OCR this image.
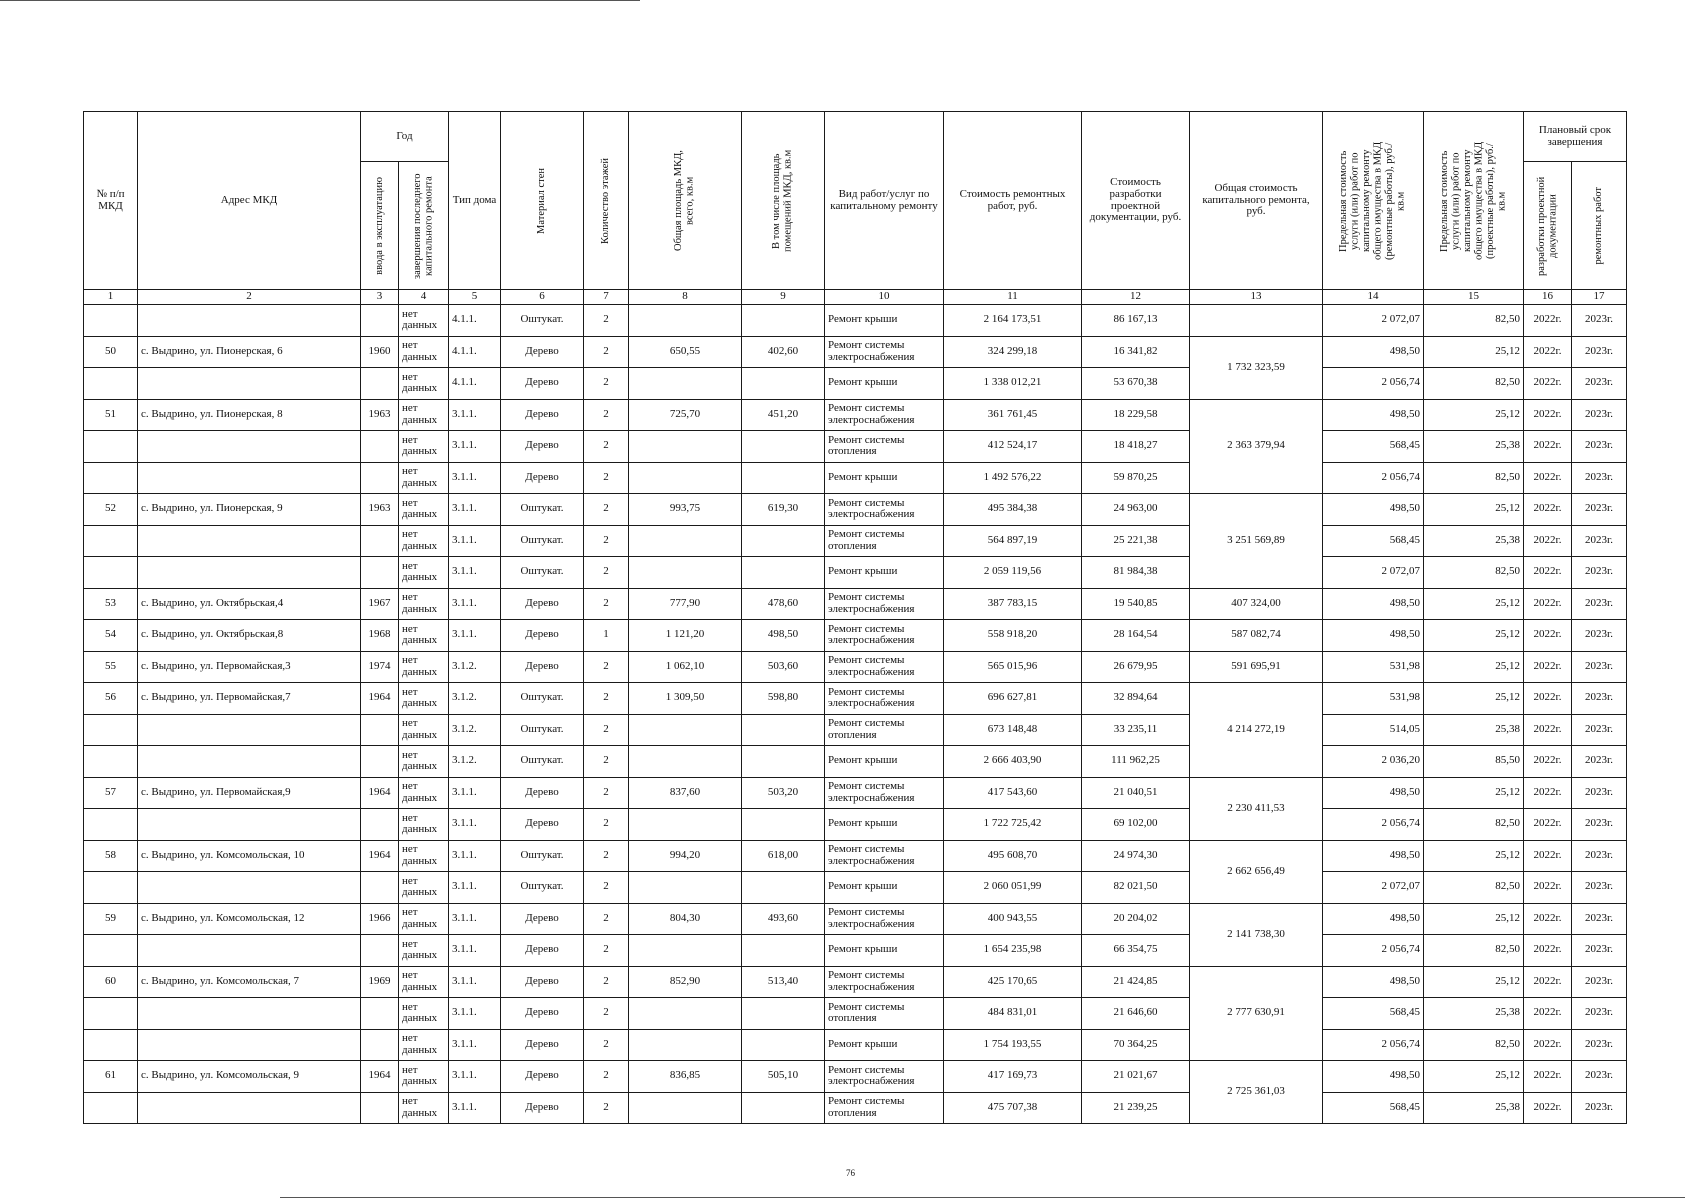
№ п/п МКД	Адрес МКД	Год		Тип дома	Материал стен	Количество этажей	Общая площадь МКД, всего, кв.м	В том числе площадь помещений МКД, кв.м	Вид работ/услуг по капитальному ремонту	Стоимость ремонтных работ, руб.	Стоимость разработки проектной документации, руб.	Общая стоимость капитального ремонта, руб.	Предельная стоимость услуги (или) работ по капитальному ремонту общего имущества в МКД (ремонтные работы), руб./кв.м	Предельная стоимость услуги (или) работ по капитальному ремонту общего имущества в МКД (проектные работы), руб./кв.м	Плановый срок завершения	

		ввода в эксплуатацию	завершения последнего капитального ремонта												разработки проектной документации	ремонтных работ

1	2	3	4	5	6	7	8	9	10	11	12	13	14	15	16	17
			нет данных	4.1.1.	Оштукат.	2			Ремонт крыши	2 164 173,51	86 167,13		2 072,07	82,50	2022г.	2023г.
50	с. Выдрино, ул. Пионерская, 6	1960	нет данных	4.1.1.	Дерево	2	650,55	402,60	Ремонт системы электроснабжения	324 299,18	16 341,82	1 732 323,59	498,50	25,12	2022г.	2023г.
			нет данных	4.1.1.	Дерево	2			Ремонт крыши	1 338 012,21	53 670,38		2 056,74	82,50	2022г.	2023г.
51	с. Выдрино, ул. Пионерская, 8	1963	нет данных	3.1.1.	Дерево	2	725,70	451,20	Ремонт системы электроснабжения	361 761,45	18 229,58	2 363 379,94	498,50	25,12	2022г.	2023г.
			нет данных	3.1.1.	Дерево	2			Ремонт системы отопления	412 524,17	18 418,27		568,45	25,38	2022г.	2023г.
			нет данных	3.1.1.	Дерево	2			Ремонт крыши	1 492 576,22	59 870,25		2 056,74	82,50	2022г.	2023г.
52	с. Выдрино, ул. Пионерская, 9	1963	нет данных	3.1.1.	Оштукат.	2	993,75	619,30	Ремонт системы электроснабжения	495 384,38	24 963,00	3 251 569,89	498,50	25,12	2022г.	2023г.
			нет данных	3.1.1.	Оштукат.	2			Ремонт системы отопления	564 897,19	25 221,38		568,45	25,38	2022г.	2023г.
			нет данных	3.1.1.	Оштукат.	2			Ремонт крыши	2 059 119,56	81 984,38		2 072,07	82,50	2022г.	2023г.
53	с. Выдрино, ул. Октябрьская,4	1967	нет данных	3.1.1.	Дерево	2	777,90	478,60	Ремонт системы электроснабжения	387 783,15	19 540,85	407 324,00	498,50	25,12	2022г.	2023г.
54	с. Выдрино, ул. Октябрьская,8	1968	нет данных	3.1.1.	Дерево	1	1 121,20	498,50	Ремонт системы электроснабжения	558 918,20	28 164,54	587 082,74	498,50	25,12	2022г.	2023г.
55	с. Выдрино, ул. Первомайская,3	1974	нет данных	3.1.2.	Дерево	2	1 062,10	503,60	Ремонт системы электроснабжения	565 015,96	26 679,95	591 695,91	531,98	25,12	2022г.	2023г.
56	с. Выдрино, ул. Первомайская,7	1964	нет данных	3.1.2.	Оштукат.	2	1 309,50	598,80	Ремонт системы электроснабжения	696 627,81	32 894,64	4 214 272,19	531,98	25,12	2022г.	2023г.
			нет данных	3.1.2.	Оштукат.	2			Ремонт системы отопления	673 148,48	33 235,11		514,05	25,38	2022г.	2023г.
			нет данных	3.1.2.	Оштукат.	2			Ремонт крыши	2 666 403,90	111 962,25		2 036,20	85,50	2022г.	2023г.
57	с. Выдрино, ул. Первомайская,9	1964	нет данных	3.1.1.	Дерево	2	837,60	503,20	Ремонт системы электроснабжения	417 543,60	21 040,51	2 230 411,53	498,50	25,12	2022г.	2023г.
			нет данных	3.1.1.	Дерево	2			Ремонт крыши	1 722 725,42	69 102,00		2 056,74	82,50	2022г.	2023г.
58	с. Выдрино, ул. Комсомольская, 10	1964	нет данных	3.1.1.	Оштукат.	2	994,20	618,00	Ремонт системы электроснабжения	495 608,70	24 974,30	2 662 656,49	498,50	25,12	2022г.	2023г.
			нет данных	3.1.1.	Оштукат.	2			Ремонт крыши	2 060 051,99	82 021,50		2 072,07	82,50	2022г.	2023г.
59	с. Выдрино, ул. Комсомольская, 12	1966	нет данных	3.1.1.	Дерево	2	804,30	493,60	Ремонт системы электроснабжения	400 943,55	20 204,02	2 141 738,30	498,50	25,12	2022г.	2023г.
			нет данных	3.1.1.	Дерево	2			Ремонт крыши	1 654 235,98	66 354,75		2 056,74	82,50	2022г.	2023г.
60	с. Выдрино, ул. Комсомольская, 7	1969	нет данных	3.1.1.	Дерево	2	852,90	513,40	Ремонт системы электроснабжения	425 170,65	21 424,85	2 777 630,91	498,50	25,12	2022г.	2023г.
			нет данных	3.1.1.	Дерево	2			Ремонт системы отопления	484 831,01	21 646,60		568,45	25,38	2022г.	2023г.
			нет данных	3.1.1.	Дерево	2			Ремонт крыши	1 754 193,55	70 364,25		2 056,74	82,50	2022г.	2023г.
61	с. Выдрино, ул. Комсомольская, 9	1964	нет данных	3.1.1.	Дерево	2	836,85	505,10	Ремонт системы электроснабжения	417 169,73	21 021,67	2 725 361,03	498,50	25,12	2022г.	2023г.
			нет данных	3.1.1.	Дерево	2			Ремонт системы отопления	475 707,38	21 239,25		568,45	25,38	2022г.	2023г.
76
